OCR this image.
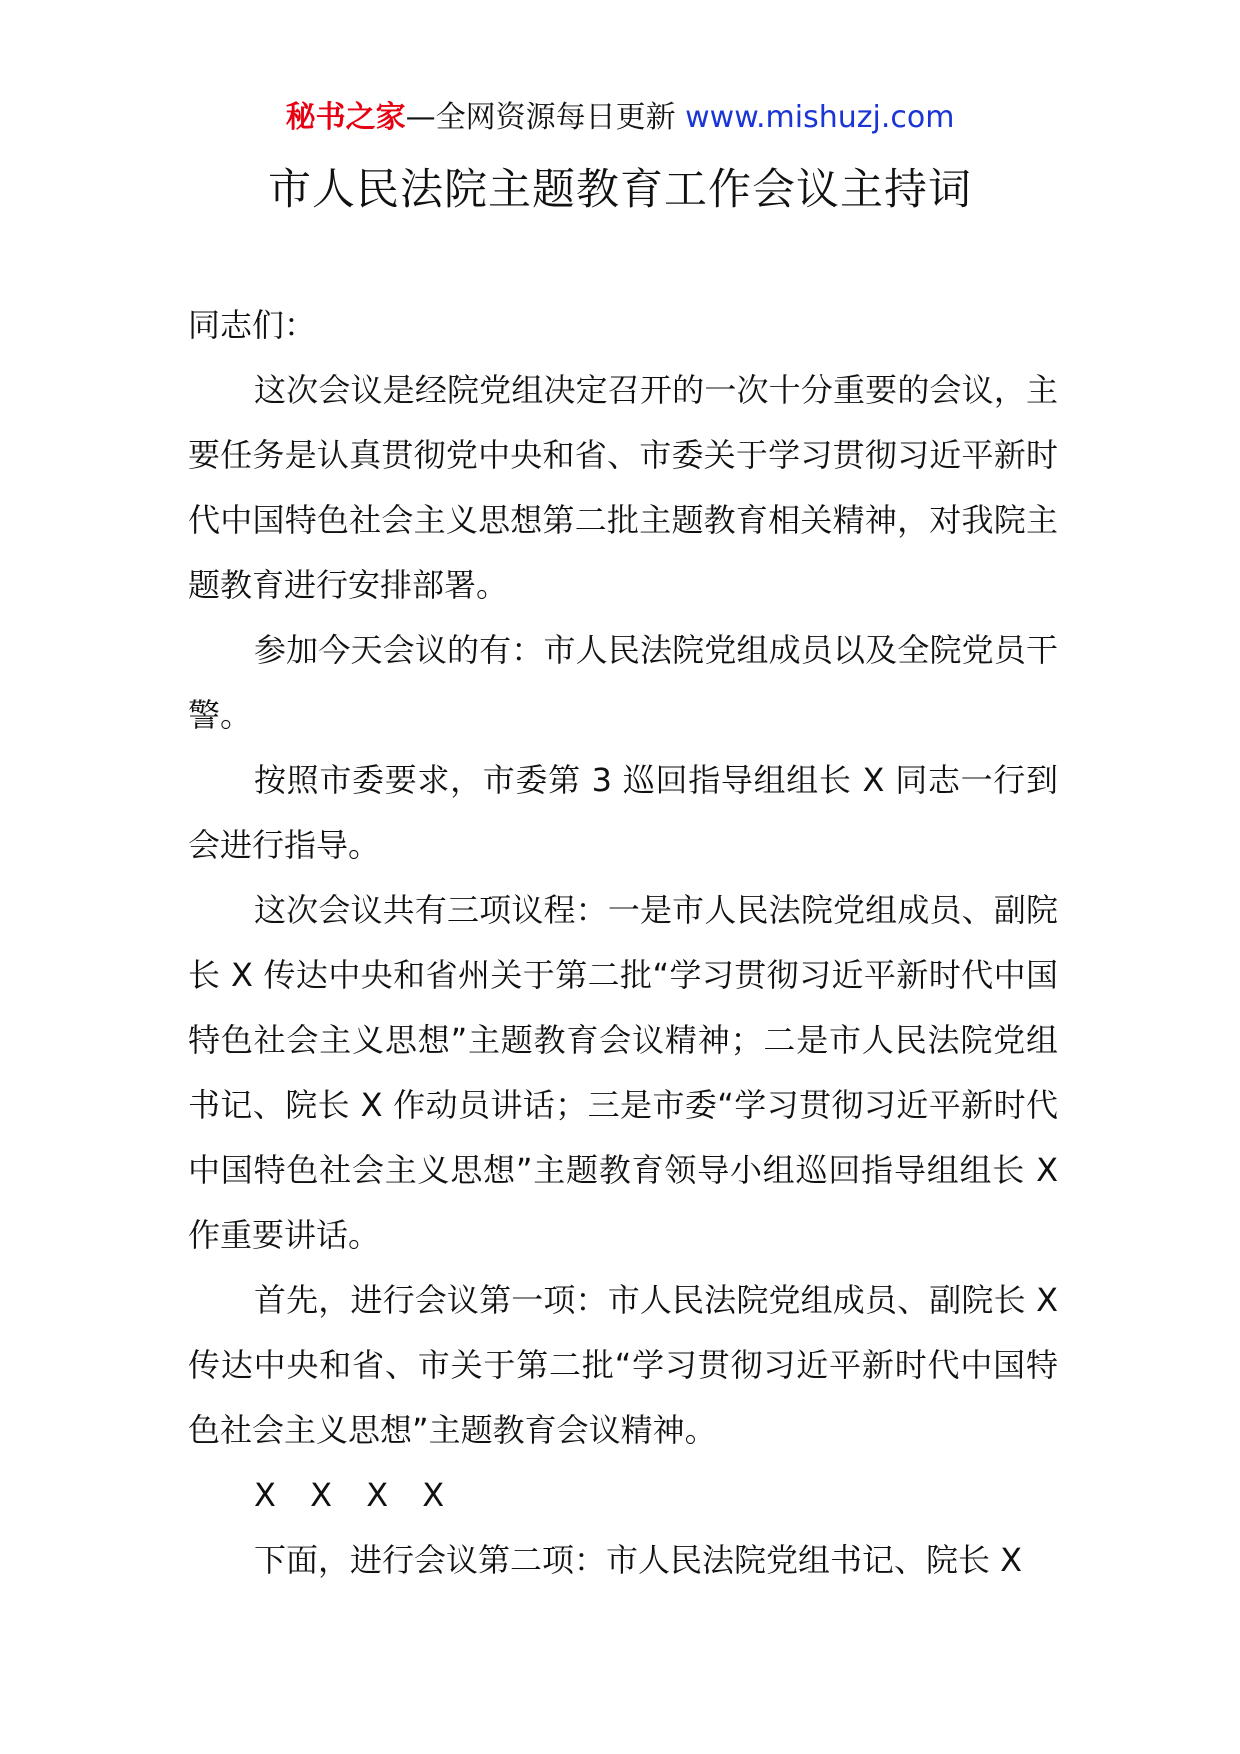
秘书之家—全网资源每日更新 www.mishuzj.com
市人民法院主题教育工作会议主持词

同志们：

这次会议是经院党组决定召开的一次十分重要的会议，主要任务是认真贯彻党中央和省、市委关于学习贯彻习近平新时代中国特色社会主义思想第二批主题教育相关精神，对我院主题教育进行安排部署。

参加今天会议的有：市人民法院党组成员以及全院党员干警。

按照市委要求，市委第 3 巡回指导组组长 X 同志一行到会进行指导。

这次会议共有三项议程：一是市人民法院党组成员、副院长 X 传达中央和省州关于第二批“学习贯彻习近平新时代中国特色社会主义思想”主题教育会议精神；二是市人民法院党组书记、院长 X 作动员讲话；三是市委“学习贯彻习近平新时代中国特色社会主义思想”主题教育领导小组巡回指导组组长 X 作重要讲话。

首先，进行会议第一项：市人民法院党组成员、副院长 X 传达中央和省、市关于第二批“学习贯彻习近平新时代中国特色社会主义思想”主题教育会议精神。

X X X X

下面，进行会议第二项：市人民法院党组书记、院长 X
